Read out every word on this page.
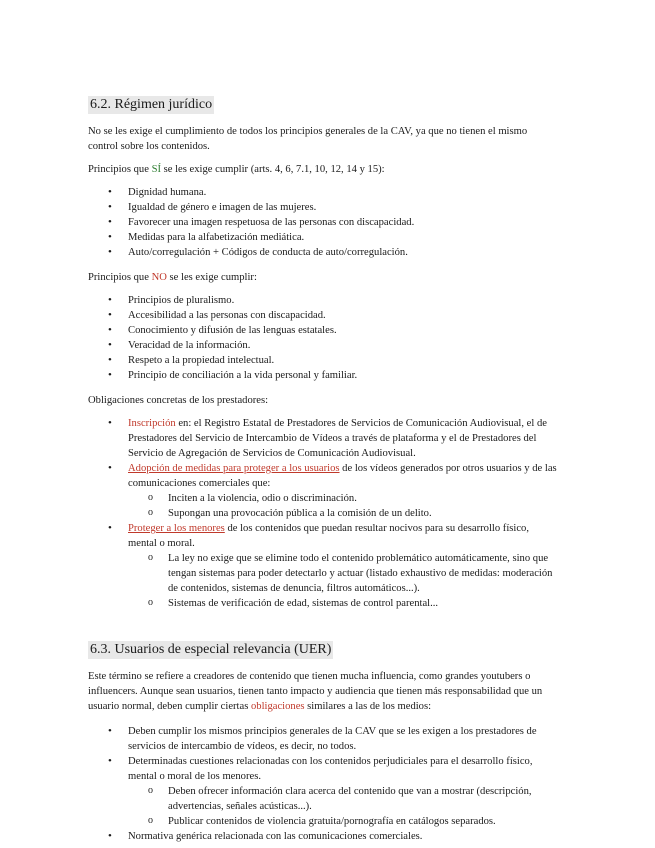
6.2. Régimen jurídico

No se les exige el cumplimiento de todos los principios generales de la CAV, ya que no tienen el mismo control sobre los contenidos.

Principios que SÍ se les exige cumplir (arts. 4, 6, 7.1, 10, 12, 14 y 15):

• Dignidad humana.
• Igualdad de género e imagen de las mujeres.
• Favorecer una imagen respetuosa de las personas con discapacidad.
• Medidas para la alfabetización mediática.
• Auto/corregulación + Códigos de conducta de auto/corregulación.

Principios que NO se les exige cumplir:

• Principios de pluralismo.
• Accesibilidad a las personas con discapacidad.
• Conocimiento y difusión de las lenguas estatales.
• Veracidad de la información.
• Respeto a la propiedad intelectual.
• Principio de conciliación a la vida personal y familiar.

Obligaciones concretas de los prestadores:

• Inscripción en: el Registro Estatal de Prestadores de Servicios de Comunicación Audiovisual, el de Prestadores del Servicio de Intercambio de Vídeos a través de plataforma y el de Prestadores del Servicio de Agregación de Servicios de Comunicación Audiovisual.
• Adopción de medidas para proteger a los usuarios de los vídeos generados por otros usuarios y de las comunicaciones comerciales que:
o Inciten a la violencia, odio o discriminación.
o Supongan una provocación pública a la comisión de un delito.
• Proteger a los menores de los contenidos que puedan resultar nocivos para su desarrollo físico, mental o moral.
o La ley no exige que se elimine todo el contenido problemático automáticamente, sino que tengan sistemas para poder detectarlo y actuar (listado exhaustivo de medidas: moderación de contenidos, sistemas de denuncia, filtros automáticos...).
o Sistemas de verificación de edad, sistemas de control parental...
6.3. Usuarios de especial relevancia (UER)

Este término se refiere a creadores de contenido que tienen mucha influencia, como grandes youtubers o influencers. Aunque sean usuarios, tienen tanto impacto y audiencia que tienen más responsabilidad que un usuario normal, deben cumplir ciertas obligaciones similares a las de los medios:

• Deben cumplir los mismos principios generales de la CAV que se les exigen a los prestadores de servicios de intercambio de vídeos, es decir, no todos.
• Determinadas cuestiones relacionadas con los contenidos perjudiciales para el desarrollo físico, mental o moral de los menores.
o Deben ofrecer información clara acerca del contenido que van a mostrar (descripción, advertencias, señales acústicas...).
o Publicar contenidos de violencia gratuita/pornografía en catálogos separados.
• Normativa genérica relacionada con las comunicaciones comerciales.
